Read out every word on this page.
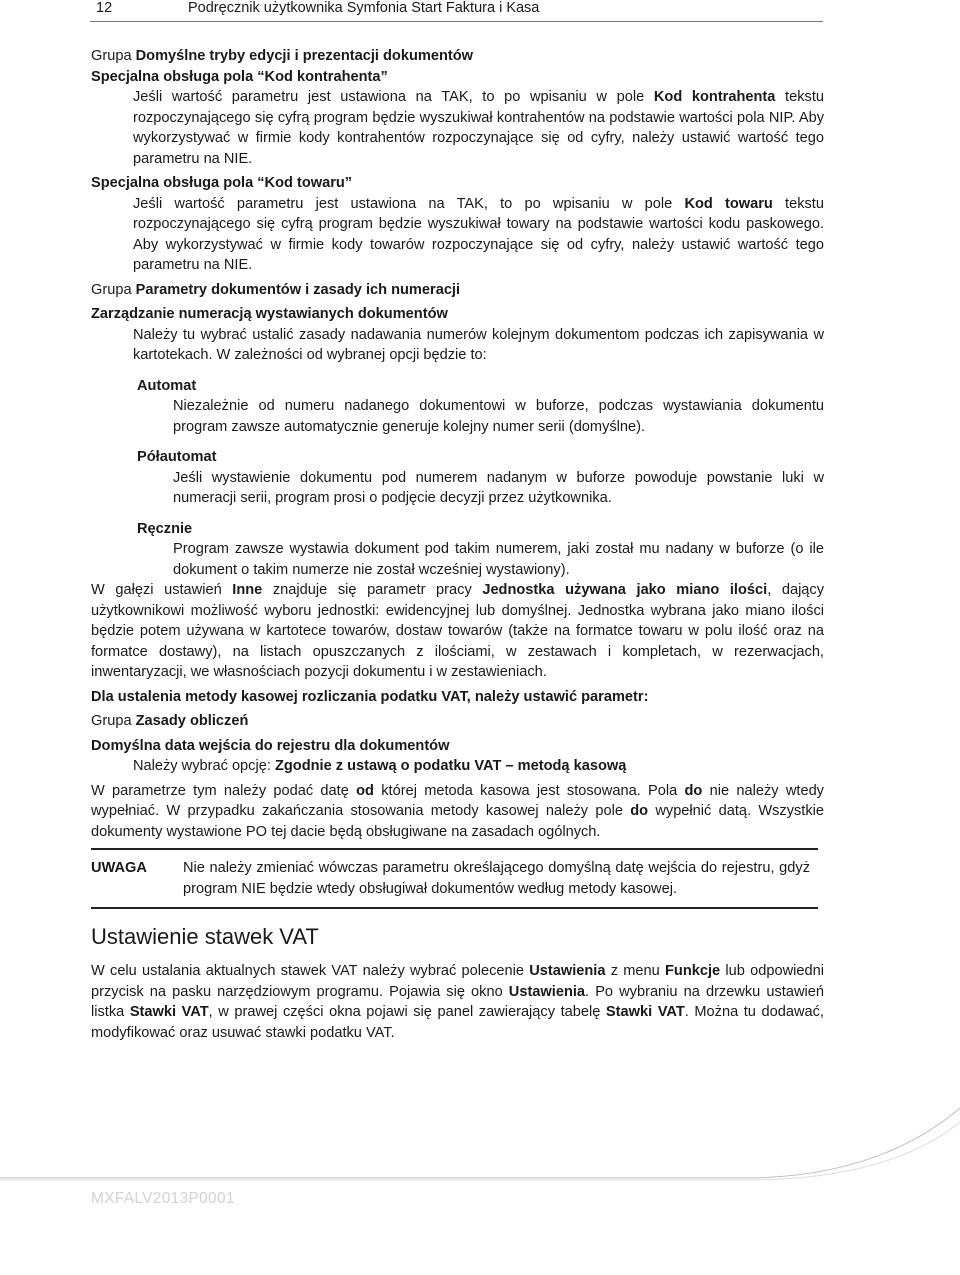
12	Podręcznik użytkownika Symfonia Start Faktura i Kasa

Grupa Domyślne tryby edycji i prezentacji dokumentów

Specjalna obsługa pola “Kod kontrahenta”

Jeśli wartość parametru jest ustawiona na TAK, to po wpisaniu w pole Kod kontrahenta tekstu rozpoczynającego się cyfrą program będzie wyszukiwał kontrahentów na podstawie wartości pola NIP. Aby wykorzystywać w firmie kody kontrahentów rozpoczynające się od cyfry, należy ustawić wartość tego parametru na NIE.

Specjalna obsługa pola “Kod towaru”

Jeśli wartość parametru jest ustawiona na TAK, to po wpisaniu w pole Kod towaru tekstu rozpoczynającego się cyfrą program będzie wyszukiwał towary na podstawie wartości kodu paskowego. Aby wykorzystywać w firmie kody towarów rozpoczynające się od cyfry, należy ustawić wartość tego parametru na NIE.

Grupa Parametry dokumentów i zasady ich numeracji

Zarządzanie numeracją wystawianych dokumentów

Należy tu wybrać ustalić zasady nadawania numerów kolejnym dokumentom podczas ich zapisywania w kartotekach. W zależności od wybranej opcji będzie to:

Automat

Niezależnie od numeru nadanego dokumentowi w buforze, podczas wystawiania dokumentu program zawsze automatycznie generuje kolejny numer serii (domyślne).

Półautomat

Jeśli wystawienie dokumentu pod numerem nadanym w buforze powoduje powstanie luki w numeracji serii, program prosi o podjęcie decyzji przez użytkownika.

Ręcznie

Program zawsze wystawia dokument pod takim numerem, jaki został mu nadany w buforze (o ile dokument o takim numerze nie został wcześniej wystawiony).

W gałęzi ustawień Inne znajduje się parametr pracy Jednostka używana jako miano ilości, dający użytkownikowi możliwość wyboru jednostki: ewidencyjnej lub domyślnej. Jednostka wybrana jako miano ilości będzie potem używana w kartotece towarów, dostaw towarów (także na formatce towaru w polu ilość oraz na formatce dostawy), na listach opuszczanych z ilościami, w zestawach i kompletach, w rezerwacjach, inwentaryzacji, we własnościach pozycji dokumentu i w zestawieniach.

Dla ustalenia metody kasowej rozliczania podatku VAT, należy ustawić parametr:

Grupa Zasady obliczeń

Domyślna data wejścia do rejestru dla dokumentów

Należy wybrać opcję: Zgodnie z ustawą o podatku VAT – metodą kasową

W parametrze tym należy podać datę od której metoda kasowa jest stosowana. Pola do nie należy wtedy wypełniać. W przypadku zakańczania stosowania metody kasowej należy pole do wypełnić datą. Wszystkie dokumenty wystawione PO tej dacie będą obsługiwane na zasadach ogólnych.

UWAGA	Nie należy zmieniać wówczas parametru określającego domyślną datę wejścia do rejestru, gdyż program NIE będzie wtedy obsługiwał dokumentów według metody kasowej.
Ustawienie stawek VAT

W celu ustalania aktualnych stawek VAT należy wybrać polecenie Ustawienia z menu Funkcje lub odpowiedni przycisk na pasku narzędziowym programu. Pojawia się okno Ustawienia. Po wybraniu na drzewku ustawień listka Stawki VAT, w prawej części okna pojawi się panel zawierający tabelę Stawki VAT. Można tu dodawać, modyfikować oraz usuwać stawki podatku VAT.

MXFALV2013P0001
